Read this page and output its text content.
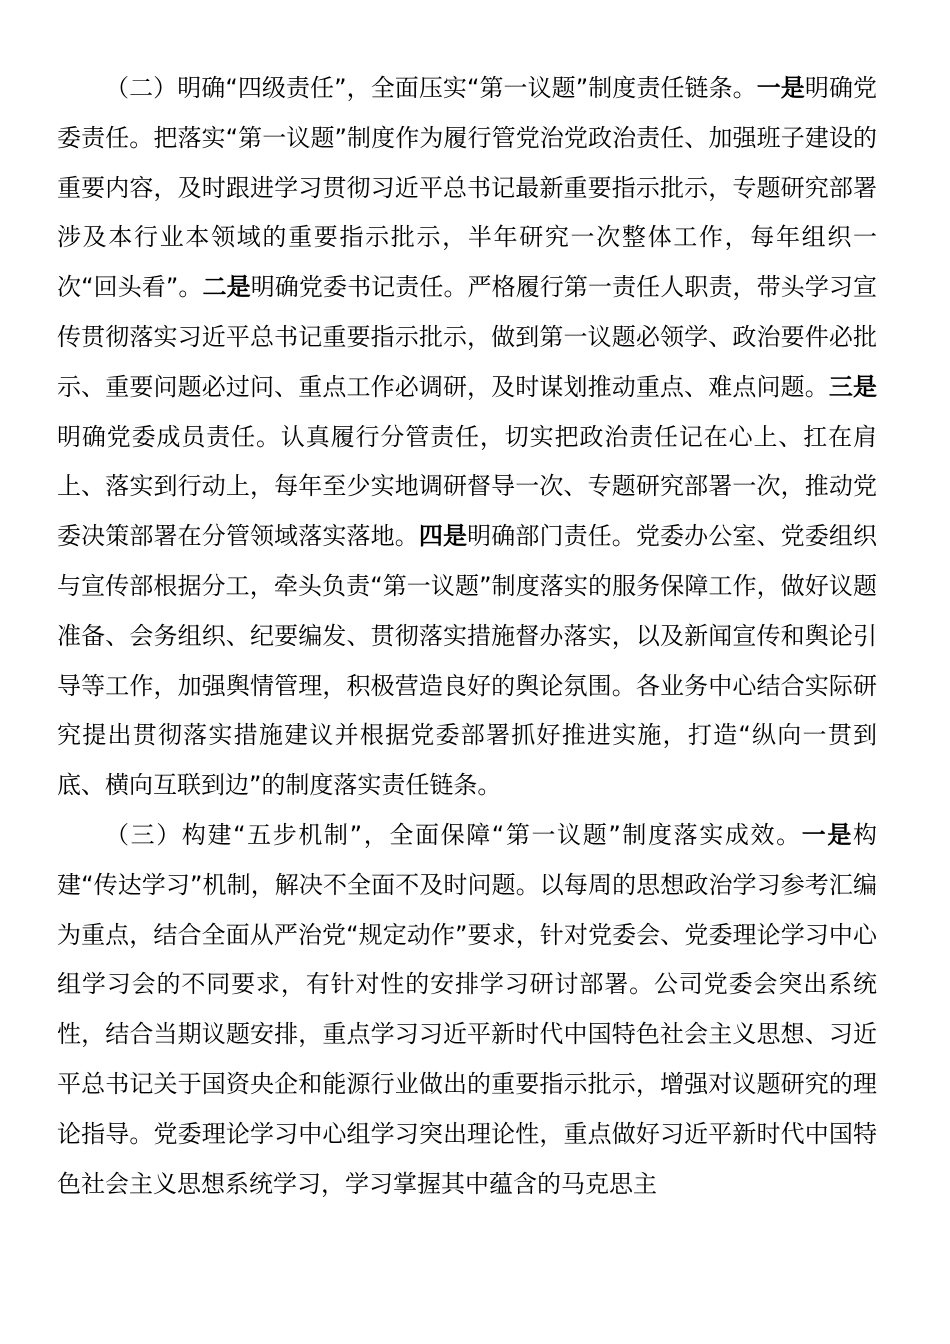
（二）明确“四级责任”，全面压实“第一议题”制度责任链条。一是明确党委责任。把落实“第一议题”制度作为履行管党治党政治责任、加强班子建设的重要内容，及时跟进学习贯彻习近平总书记最新重要指示批示，专题研究部署涉及本行业本领域的重要指示批示，半年研究一次整体工作，每年组织一次“回头看”。二是明确党委书记责任。严格履行第一责任人职责，带头学习宣传贯彻落实习近平总书记重要指示批示，做到第一议题必领学、政治要件必批示、重要问题必过问、重点工作必调研，及时谋划推动重点、难点问题。三是明确党委成员责任。认真履行分管责任，切实把政治责任记在心上、扛在肩上、落实到行动上，每年至少实地调研督导一次、专题研究部署一次，推动党委决策部署在分管领域落实落地。四是明确部门责任。党委办公室、党委组织与宣传部根据分工，牵头负责“第一议题”制度落实的服务保障工作，做好议题准备、会务组织、纪要编发、贯彻落实措施督办落实，以及新闻宣传和舆论引导等工作，加强舆情管理，积极营造良好的舆论氛围。各业务中心结合实际研究提出贯彻落实措施建议并根据党委部署抓好推进实施，打造“纵向一贯到底、横向互联到边”的制度落实责任链条。

（三）构建“五步机制”，全面保障“第一议题”制度落实成效。一是构建“传达学习”机制，解决不全面不及时问题。以每周的思想政治学习参考汇编为重点，结合全面从严治党“规定动作”要求，针对党委会、党委理论学习中心组学习会的不同要求，有针对性的安排学习研讨部署。公司党委会突出系统性，结合当期议题安排，重点学习习近平新时代中国特色社会主义思想、习近平总书记关于国资央企和能源行业做出的重要指示批示，增强对议题研究的理论指导。党委理论学习中心组学习突出理论性，重点做好习近平新时代中国特色社会主义思想系统学习，学习掌握其中蕴含的马克思主
